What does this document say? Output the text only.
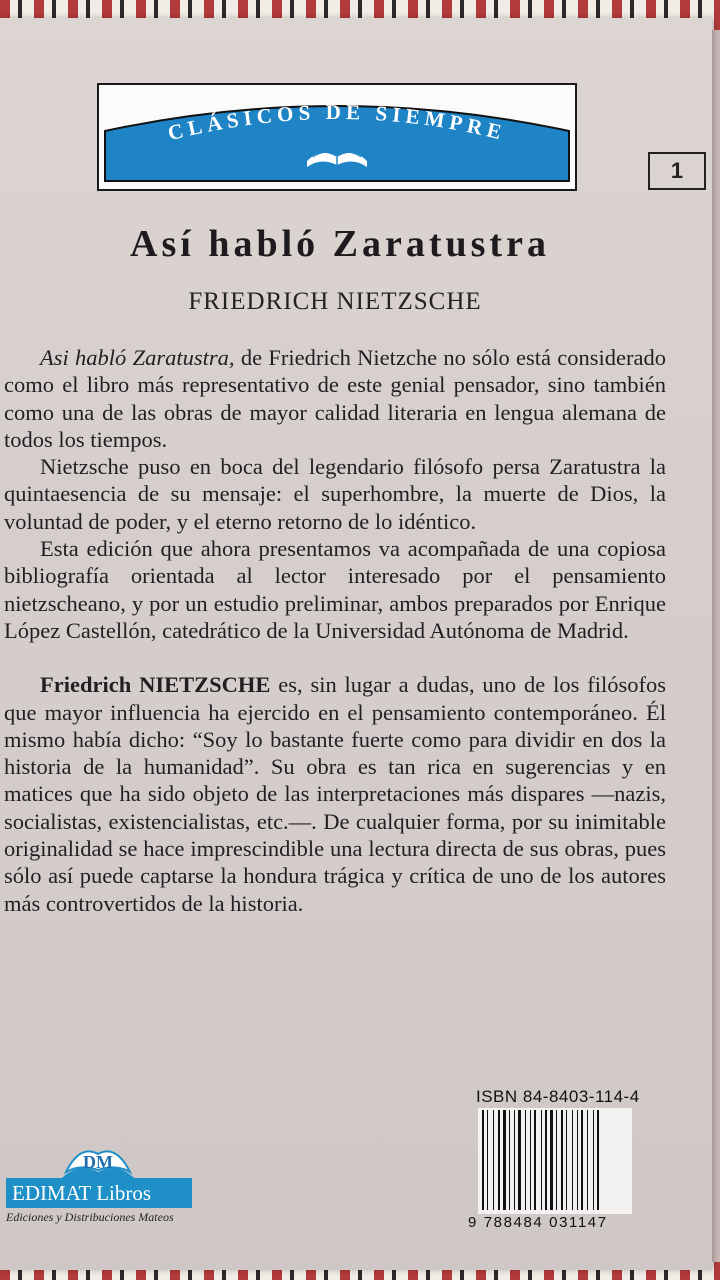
CLÁSICOS DE SIEMPRE
1
Así habló Zaratustra
FRIEDRICH NIETZSCHE

Asi habló Zaratustra, de Friedrich Nietzche no sólo está considerado como el libro más representativo de este genial pensador, sino también como una de las obras de mayor calidad literaria en lengua alemana de todos los tiempos.

Nietzsche puso en boca del legendario filósofo persa Zaratustra la quintaesencia de su mensaje: el superhombre, la muerte de Dios, la voluntad de poder, y el eterno retorno de lo idéntico.

Esta edición que ahora presentamos va acompañada de una copiosa bibliografía orientada al lector interesado por el pensamiento nietzscheano, y por un estudio preliminar, ambos preparados por Enrique López Castellón, catedrático de la Universidad Autónoma de Madrid.

Friedrich NIETZSCHE es, sin lugar a dudas, uno de los filósofos que mayor influencia ha ejercido en el pensamiento contemporáneo. Él mismo había dicho: “Soy lo bastante fuerte como para dividir en dos la historia de la humanidad”. Su obra es tan rica en sugerencias y en matices que ha sido objeto de las interpretaciones más dispares —nazis, socialistas, existencialistas, etc.—. De cualquier forma, por su inimitable originalidad se hace imprescindible una lectura directa de sus obras, pues sólo así puede captarse la hondura trágica y crítica de uno de los autores más controvertidos de la historia.

ISBN 84-8403-114-4
9 788484 031147
DM
EDIMAT Libros
Ediciones y Distribuciones Mateos
